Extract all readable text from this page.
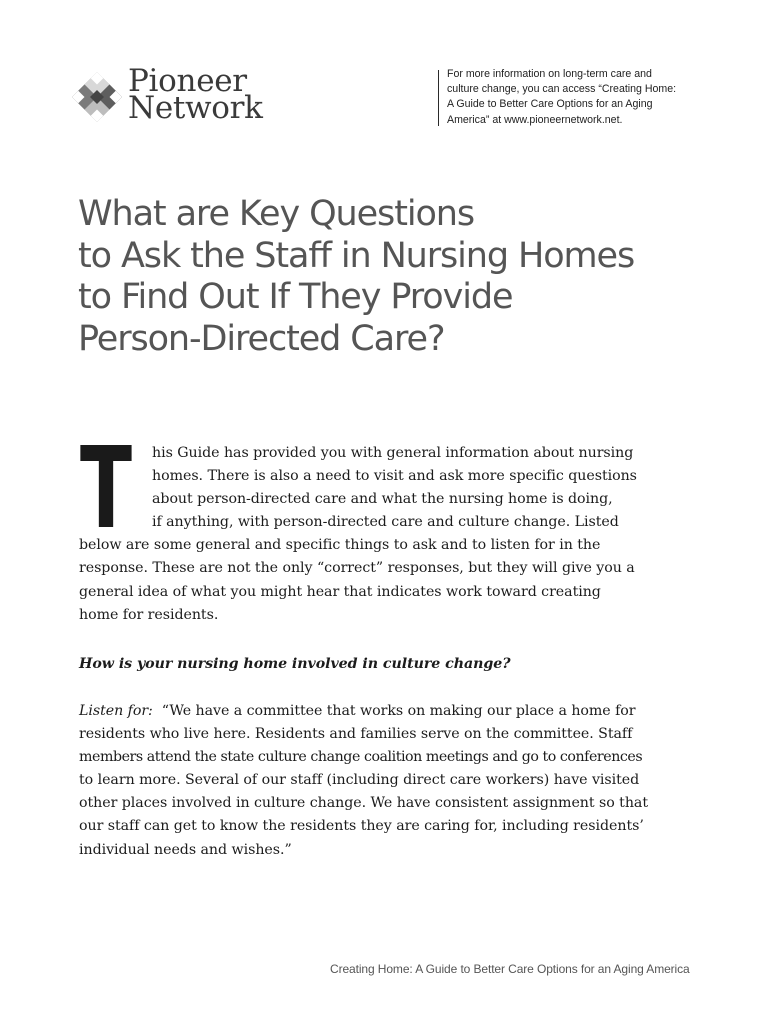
Pioneer
Network
For more information on long-term care and
culture change, you can access “Creating Home:
A Guide to Better Care Options for an Aging
America” at www.pioneernetwork.net.
What are Key Questions
to Ask the Staff in Nursing Homes
to Find Out If They Provide
Person-Directed Care?
T	his Guide has provided you with general information about nursing
homes. There is also a need to visit and ask more specific questions
about person-directed care and what the nursing home is doing,
if anything, with person-directed care and culture change. Listed
below are some general and specific things to ask and to listen for in the
response. These are not the only “correct” responses, but they will give you a
general idea of what you might hear that indicates work toward creating
home for residents.
How is your nursing home involved in culture change?
Listen for: “We have a committee that works on making our place a home for
residents who live here. Residents and families serve on the committee. Staff
members attend the state culture change coalition meetings and go to conferences
to learn more. Several of our staff (including direct care workers) have visited
other places involved in culture change. We have consistent assignment so that
our staff can get to know the residents they are caring for, including residents’
individual needs and wishes.”
Creating Home: A Guide to Better Care Options for an Aging America
